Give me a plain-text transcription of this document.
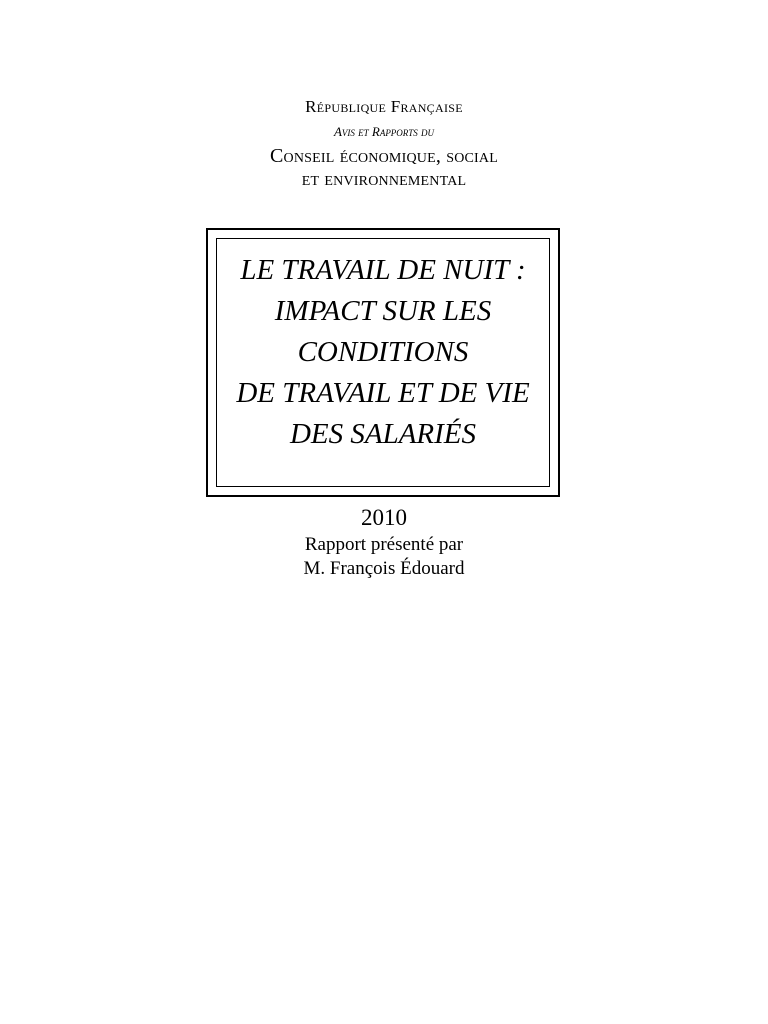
République Française
Avis et Rapports du
Conseil économique, social
et environnemental
LE TRAVAIL DE NUIT :
IMPACT SUR LES
CONDITIONS
DE TRAVAIL ET DE VIE
DES SALARIÉS
2010
Rapport présenté par
M. François Édouard
